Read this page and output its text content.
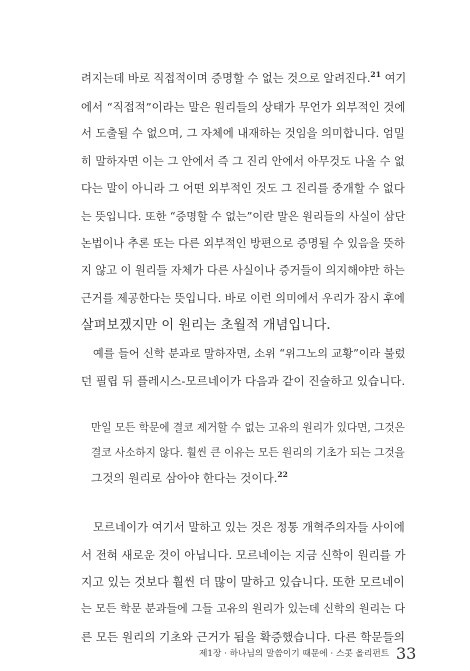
려지는데 바로 직접적이며 증명할 수 없는 것으로 알려진다.$^{21}$ 여기
에서 “직접적”이라는 말은 원리들의 상태가 무언가 외부적인 것에
서 도출될 수 없으며, 그 자체에 내재하는 것임을 의미합니다. 엄밀
히 말하자면 이는 그 안에서 즉 그 진리 안에서 아무것도 나올 수 없
다는 말이 아니라 그 어떤 외부적인 것도 그 진리를 중개할 수 없다
는 뜻입니다. 또한 “증명할 수 없는”이란 말은 원리들의 사실이 삼단
논법이나 추론 또는 다른 외부적인 방편으로 증명될 수 있음을 뜻하
지 않고 이 원리들 자체가 다른 사실이나 증거들이 의지해야만 하는
근거를 제공한다는 뜻입니다. 바로 이런 의미에서 우리가 잠시 후에
살펴보겠지만 이 원리는 초월적 개념입니다.
예를 들어 신학 분과로 말하자면, 소위 “위그노의 교황”이라 불렀
던 필립 뒤 플레시스-모르네이가 다음과 같이 진술하고 있습니다.
만일 모든 학문에 결코 제거할 수 없는 고유의 원리가 있다면, 그것은
결코 사소하지 않다. 훨씬 큰 이유는 모든 원리의 기초가 되는 그것을
그것의 원리로 삼아야 한다는 것이다.$^{22}$
모르네이가 여기서 말하고 있는 것은 정통 개혁주의자들 사이에
서 전혀 새로운 것이 아닙니다. 모르네이는 지금 신학이 원리를 가
지고 있는 것보다 훨씬 더 많이 말하고 있습니다. 또한 모르네이
는 모든 학문 분과들에 그들 고유의 원리가 있는데 신학의 원리는 다
른 모든 원리의 기초와 근거가 됨을 확증했습니다. 다른 학문들의
제1장 · 하나님의 말씀이기 때문에 · 스콧 올리펀트 33
